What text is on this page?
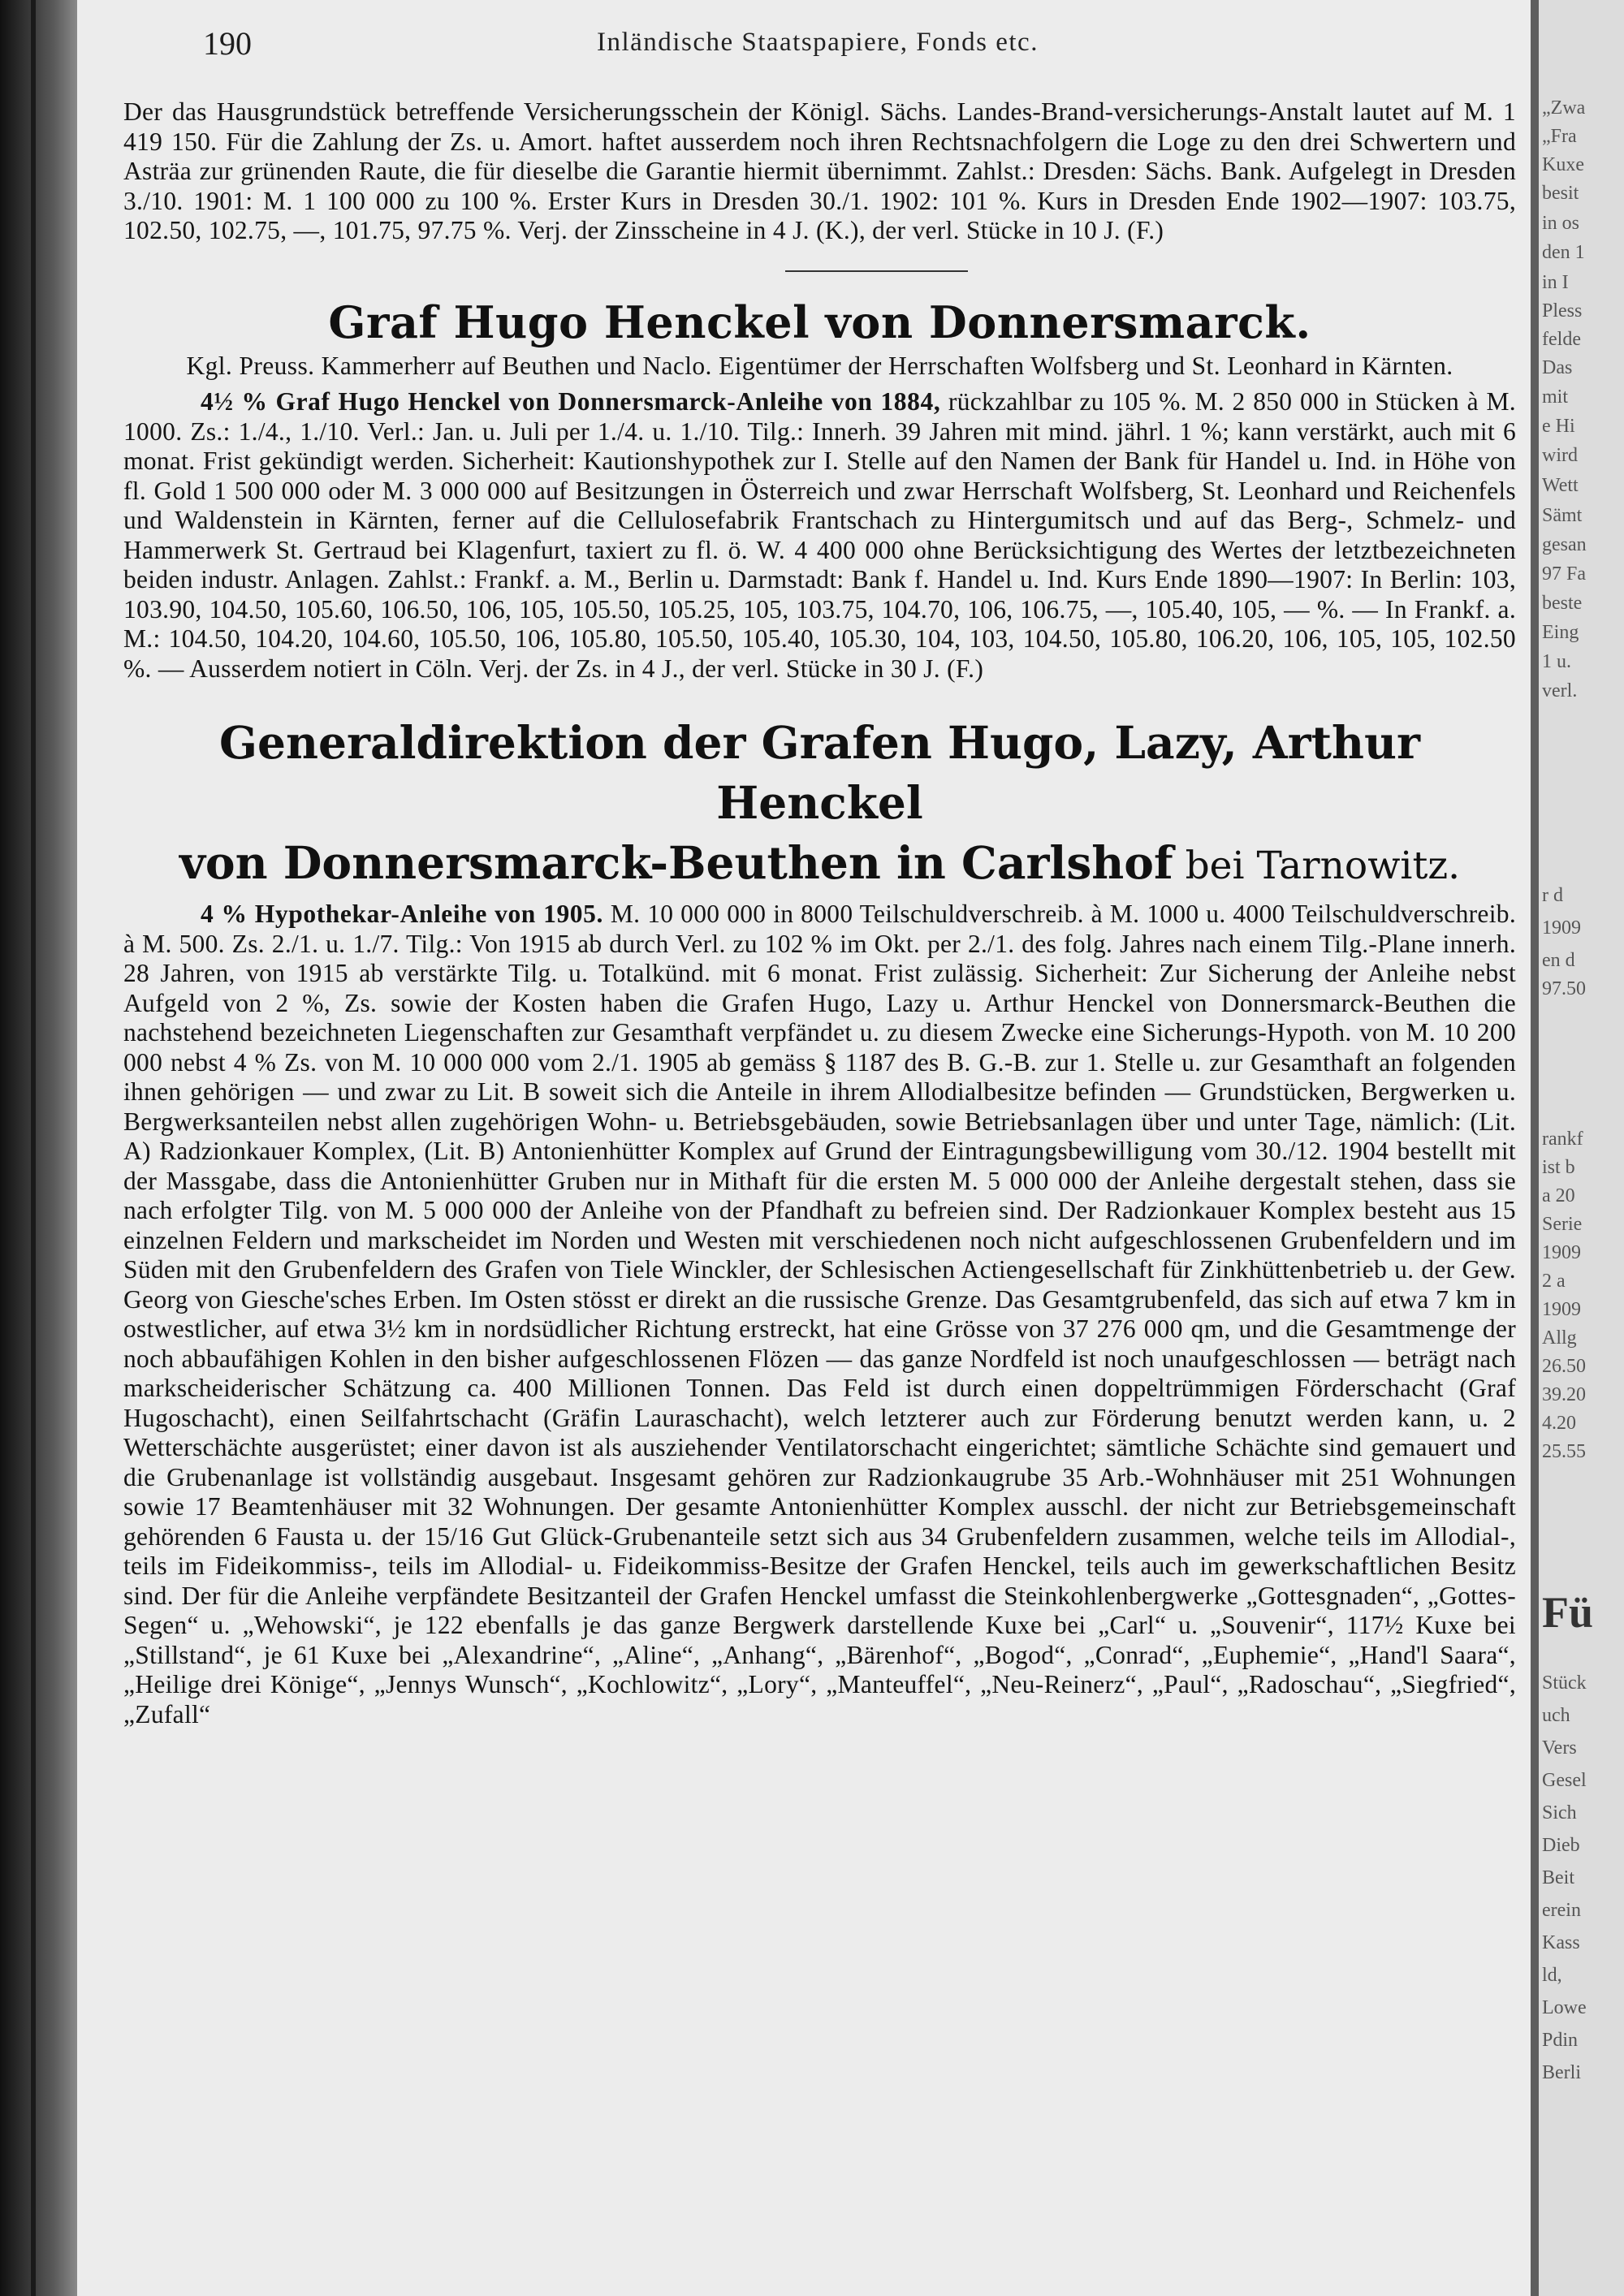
190	Inländische Staatspapiere, Fonds etc.

Der das Hausgrundstück betreffende Versicherungsschein der Königl. Sächs. Landes-Brand-versicherungs-Anstalt lautet auf M. 1 419 150. Für die Zahlung der Zs. u. Amort. haftet ausserdem noch ihren Rechtsnachfolgern die Loge zu den drei Schwertern und Asträa zur grünenden Raute, die für dieselbe die Garantie hiermit übernimmt. Zahlst.: Dresden: Sächs. Bank. Aufgelegt in Dresden 3./10. 1901: M. 1 100 000 zu 100 %. Erster Kurs in Dresden 30./1. 1902: 101 %. Kurs in Dresden Ende 1902—1907: 103.75, 102.50, 102.75, —, 101.75, 97.75 %. Verj. der Zinsscheine in 4 J. (K.), der verl. Stücke in 10 J. (F.)

Graf Hugo Henckel von Donnersmarck.

Kgl. Preuss. Kammerherr auf Beuthen und Naclo. Eigentümer der Herrschaften Wolfsberg und St. Leonhard in Kärnten.

4½ % Graf Hugo Henckel von Donnersmarck-Anleihe von 1884, rückzahlbar zu 105 %. M. 2 850 000 in Stücken à M. 1000. Zs.: 1./4., 1./10. Verl.: Jan. u. Juli per 1./4. u. 1./10. Tilg.: Innerh. 39 Jahren mit mind. jährl. 1 %; kann verstärkt, auch mit 6 monat. Frist gekündigt werden. Sicherheit: Kautionshypothek zur I. Stelle auf den Namen der Bank für Handel u. Ind. in Höhe von fl. Gold 1 500 000 oder M. 3 000 000 auf Besitzungen in Österreich und zwar Herrschaft Wolfsberg, St. Leonhard und Reichenfels und Waldenstein in Kärnten, ferner auf die Cellulosefabrik Frantschach zu Hintergumitsch und auf das Berg-, Schmelz- und Hammerwerk St. Gertraud bei Klagenfurt, taxiert zu fl. ö. W. 4 400 000 ohne Berücksichtigung des Wertes der letztbezeichneten beiden industr. Anlagen. Zahlst.: Frankf. a. M., Berlin u. Darmstadt: Bank f. Handel u. Ind. Kurs Ende 1890—1907: In Berlin: 103, 103.90, 104.50, 105.60, 106.50, 106, 105, 105.50, 105.25, 105, 103.75, 104.70, 106, 106.75, —, 105.40, 105, — %. — In Frankf. a. M.: 104.50, 104.20, 104.60, 105.50, 106, 105.80, 105.50, 105.40, 105.30, 104, 103, 104.50, 105.80, 106.20, 106, 105, 105, 102.50 %. — Ausserdem notiert in Cöln. Verj. der Zs. in 4 J., der verl. Stücke in 30 J. (F.)

Generaldirektion der Grafen Hugo, Lazy, Arthur Henckel
von Donnersmarck-Beuthen in Carlshof bei Tarnowitz.

4 % Hypothekar-Anleihe von 1905. M. 10 000 000 in 8000 Teilschuldverschreib. à M. 1000 u. 4000 Teilschuldverschreib. à M. 500. Zs. 2./1. u. 1./7. Tilg.: Von 1915 ab durch Verl. zu 102 % im Okt. per 2./1. des folg. Jahres nach einem Tilg.-Plane innerh. 28 Jahren, von 1915 ab verstärkte Tilg. u. Totalkünd. mit 6 monat. Frist zulässig. Sicherheit: Zur Sicherung der Anleihe nebst Aufgeld von 2 %, Zs. sowie der Kosten haben die Grafen Hugo, Lazy u. Arthur Henckel von Donnersmarck-Beuthen die nachstehend bezeichneten Liegenschaften zur Gesamthaft verpfändet u. zu diesem Zwecke eine Sicherungs-Hypoth. von M. 10 200 000 nebst 4 % Zs. von M. 10 000 000 vom 2./1. 1905 ab gemäss § 1187 des B. G.-B. zur 1. Stelle u. zur Gesamthaft an folgenden ihnen gehörigen — und zwar zu Lit. B soweit sich die Anteile in ihrem Allodialbesitze befinden — Grundstücken, Bergwerken u. Bergwerksanteilen nebst allen zugehörigen Wohn- u. Betriebsgebäuden, sowie Betriebsanlagen über und unter Tage, nämlich: (Lit. A) Radzionkauer Komplex, (Lit. B) Antonienhütter Komplex auf Grund der Eintragungsbewilligung vom 30./12. 1904 bestellt mit der Massgabe, dass die Antonienhütter Gruben nur in Mithaft für die ersten M. 5 000 000 der Anleihe dergestalt stehen, dass sie nach erfolgter Tilg. von M. 5 000 000 der Anleihe von der Pfandhaft zu befreien sind. Der Radzionkauer Komplex besteht aus 15 einzelnen Feldern und markscheidet im Norden und Westen mit verschiedenen noch nicht aufgeschlossenen Grubenfeldern und im Süden mit den Grubenfeldern des Grafen von Tiele Winckler, der Schlesischen Actiengesellschaft für Zinkhüttenbetrieb u. der Gew. Georg von Giesche'sches Erben. Im Osten stösst er direkt an die russische Grenze. Das Gesamtgrubenfeld, das sich auf etwa 7 km in ostwestlicher, auf etwa 3½ km in nordsüdlicher Richtung erstreckt, hat eine Grösse von 37 276 000 qm, und die Gesamtmenge der noch abbaufähigen Kohlen in den bisher aufgeschlossenen Flözen — das ganze Nordfeld ist noch unaufgeschlossen — beträgt nach markscheiderischer Schätzung ca. 400 Millionen Tonnen. Das Feld ist durch einen doppeltrümmigen Förderschacht (Graf Hugoschacht), einen Seilfahrtschacht (Gräfin Lauraschacht), welch letzterer auch zur Förderung benutzt werden kann, u. 2 Wetterschächte ausgerüstet; einer davon ist als ausziehender Ventilatorschacht eingerichtet; sämtliche Schächte sind gemauert und die Grubenanlage ist vollständig ausgebaut. Insgesamt gehören zur Radzionkaugrube 35 Arb.-Wohnhäuser mit 251 Wohnungen sowie 17 Beamtenhäuser mit 32 Wohnungen. Der gesamte Antonienhütter Komplex ausschl. der nicht zur Betriebsgemeinschaft gehörenden 6 Fausta u. der 15/16 Gut Glück-Grubenanteile setzt sich aus 34 Grubenfeldern zusammen, welche teils im Allodial-, teils im Fideikommiss-, teils im Allodial- u. Fideikommiss-Besitze der Grafen Henckel, teils auch im gewerkschaftlichen Besitz sind. Der für die Anleihe verpfändete Besitzanteil der Grafen Henckel umfasst die Steinkohlenbergwerke „Gottesgnaden“, „Gottes-Segen“ u. „Wehowski“, je 122 ebenfalls je das ganze Bergwerk darstellende Kuxe bei „Carl“ u. „Souvenir“, 117½ Kuxe bei „Stillstand“, je 61 Kuxe bei „Alexandrine“, „Aline“, „Anhang“, „Bärenhof“, „Bogod“, „Conrad“, „Euphemie“, „Hand'l Saara“, „Heilige drei Könige“, „Jennys Wunsch“, „Kochlowitz“, „Lory“, „Manteuffel“, „Neu-Reinerz“, „Paul“, „Radoschau“, „Siegfried“, „Zufall“

„Zwa
„Fra
Kuxe
besit
in os
den 1
in I
Pless
felde
Das
mit
e Hi
wird
Wett
Sämt
gesan
97 Fa
beste
Eing
1 u.
verl.
r d
1909
en d
97.50
rankf
ist b
a 20
Serie
1909
2 a
1909
Allg
26.50
39.20
4.20
25.55
Fü
Stück
uch
Vers
Gesel
Sich
Dieb
Beit
erein
Kass
ld,
Lowe
Pdin
Berli
